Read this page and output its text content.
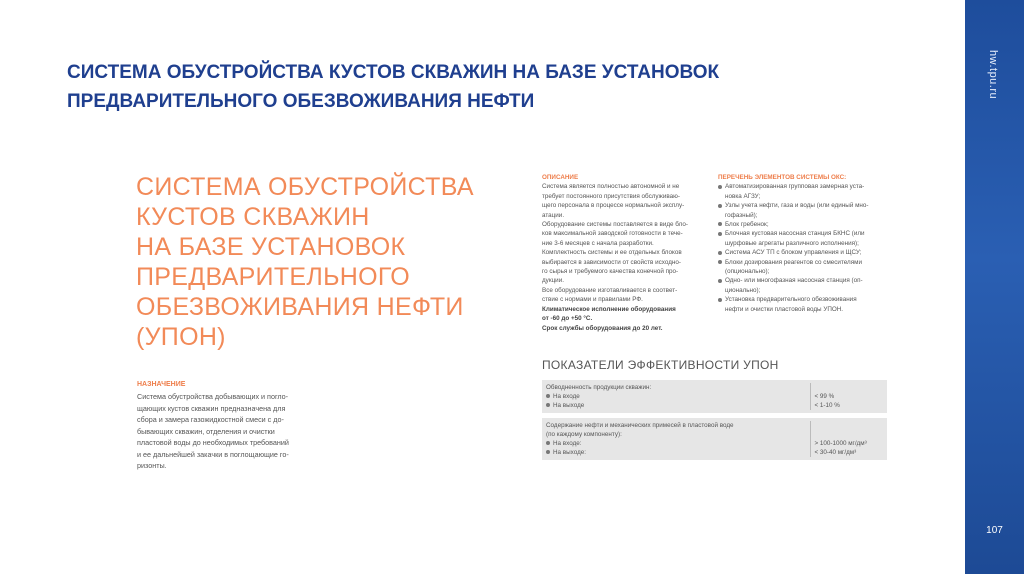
hw.tpu.ru
107
СИСТЕМА ОБУСТРОЙСТВА КУСТОВ СКВАЖИН НА БАЗЕ УСТАНОВОК
ПРЕДВАРИТЕЛЬНОГО ОБЕЗВОЖИВАНИЯ НЕФТИ
СИСТЕМА ОБУСТРОЙСТВА
КУСТОВ СКВАЖИН
НА БАЗЕ УСТАНОВОК
ПРЕДВАРИТЕЛЬНОГО
ОБЕЗВОЖИВАНИЯ НЕФТИ
(УПОН)
НАЗНАЧЕНИЕ
Система обустройства добывающих и погло-
щающих кустов скважин предназначена для
сбора и замера газожидкостной смеси с до-
бывающих скважин, отделения и очистки
пластовой воды до необходимых требований
и ее дальнейшей закачки в поглощающие го-
ризонты.
ОПИСАНИЕ
Система является полностью автономной и не
требует постоянного присутствия обслуживаю-
щего персонала в процессе нормальной эксплу-
атации.
Оборудование системы поставляется в виде бло-
ков максимальной заводской готовности в тече-
ние 3-6 месяцев с начала разработки.
Комплектность системы и ее отдельных блоков
выбирается в зависимости от свойств исходно-
го сырья и требуемого качества конечной про-
дукции.
Все оборудование изготавливается в соответ-
ствие с нормами и правилами РФ.
Климатическое исполнение оборудования
от -60 до +50 °С.
Срок службы оборудования до 20 лет.
ПЕРЕЧЕНЬ ЭЛЕМЕНТОВ СИСТЕМЫ ОКС:
Автоматизированная групповая замерная уста-
новка АГЗУ;
Узлы учета нефти, газа и воды (или единый мно-
гофазный);
Блок гребенок;
Блочная кустовая насосная станция БКНС (или
шурфовые агрегаты различного исполнения);
Система АСУ ТП с блоком управления и ЩСУ;
Блоки дозирования реагентов со смесителями
(опционально);
Одно- или многофазная насосная станция (оп-
ционально);
Установка предварительного обезвоживания
нефти и очистки пластовой воды УПОН.
ПОКАЗАТЕЛИ ЭФФЕКТИВНОСТИ УПОН
Обводненность продукции скважин:
На входе	< 99 %
На выходе	< 1-10 %
Содержание нефти и механических примесей в пластовой воде
(по каждому компоненту):
На входе:	> 100-1000 мг/дм³
На выходе:	< 30-40 мг/дм³
